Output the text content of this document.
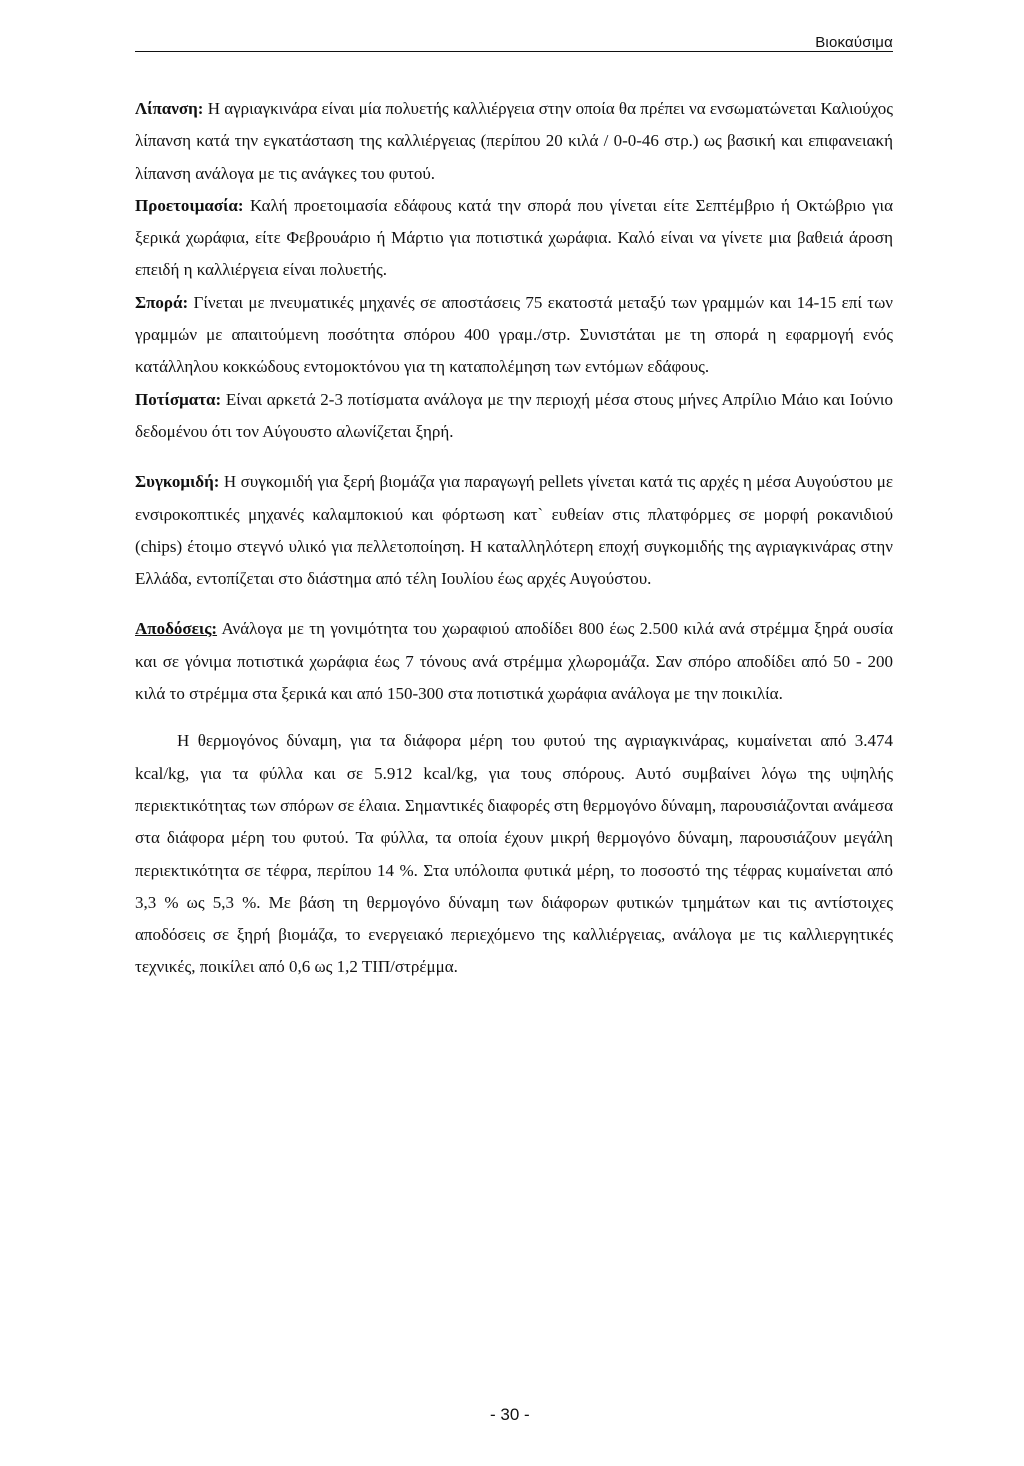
Βιοκαύσιμα

Λίπανση: Η αγριαγκινάρα είναι μία πολυετής καλλιέργεια στην οποία θα πρέπει να ενσωματώνεται Καλιούχος λίπανση κατά την εγκατάσταση της καλλιέργειας (περίπου 20 κιλά / 0-0-46 στρ.) ως βασική και επιφανειακή λίπανση ανάλογα με τις ανάγκες του φυτού.

Προετοιμασία: Καλή προετοιμασία εδάφους κατά την σπορά που γίνεται είτε Σεπτέμβριο ή Οκτώβριο για ξερικά χωράφια, είτε Φεβρουάριο ή Μάρτιο για ποτιστικά χωράφια. Καλό είναι να γίνετε μια βαθειά άροση επειδή η καλλιέργεια είναι πολυετής.

Σπορά: Γίνεται με πνευματικές μηχανές σε αποστάσεις 75 εκατοστά μεταξύ των γραμμών και 14-15 επί των γραμμών με απαιτούμενη ποσότητα σπόρου 400 γραμ./στρ. Συνιστάται με τη σπορά η εφαρμογή ενός κατάλληλου κοκκώδους εντομοκτόνου για τη καταπολέμηση των εντόμων εδάφους.

Ποτίσματα: Είναι αρκετά 2-3 ποτίσματα ανάλογα με την περιοχή μέσα στους μήνες Απρίλιο Μάιο και Ιούνιο δεδομένου ότι τον Αύγουστο αλωνίζεται ξηρή.

Συγκομιδή: Η συγκομιδή για ξερή βιομάζα για παραγωγή pellets γίνεται κατά τις αρχές η μέσα Αυγούστου με ενσιροκοπτικές μηχανές καλαμποκιού και φόρτωση κατ` ευθείαν στις πλατφόρμες σε μορφή ροκανιδιού (chips) έτοιμο στεγνό υλικό για πελλετοποίηση. Η καταλληλότερη εποχή συγκομιδής της αγριαγκινάρας στην Ελλάδα, εντοπίζεται στο διάστημα από τέλη Ιουλίου έως αρχές Αυγούστου.

Αποδόσεις: Ανάλογα με τη γονιμότητα του χωραφιού αποδίδει 800 έως 2.500 κιλά ανά στρέμμα ξηρά ουσία και σε γόνιμα ποτιστικά χωράφια έως 7 τόνους ανά στρέμμα χλωρομάζα. Σαν σπόρο αποδίδει από 50 - 200 κιλά το στρέμμα στα ξερικά και από 150-300 στα ποτιστικά χωράφια ανάλογα με την ποικιλία.

Η θερμογόνος δύναμη, για τα διάφορα μέρη του φυτού της αγριαγκινάρας, κυμαίνεται από 3.474 kcal/kg, για τα φύλλα και σε 5.912 kcal/kg, για τους σπόρους. Αυτό συμβαίνει λόγω της υψηλής περιεκτικότητας των σπόρων σε έλαια. Σημαντικές διαφορές στη θερμογόνο δύναμη, παρουσιάζονται ανάμεσα στα διάφορα μέρη του φυτού. Τα φύλλα, τα οποία έχουν μικρή θερμογόνο δύναμη, παρουσιάζουν μεγάλη περιεκτικότητα σε τέφρα, περίπου 14 %. Στα υπόλοιπα φυτικά μέρη, το ποσοστό της τέφρας κυμαίνεται από 3,3 % ως 5,3 %. Με βάση τη θερμογόνο δύναμη των διάφορων φυτικών τμημάτων και τις αντίστοιχες αποδόσεις σε ξηρή βιομάζα, το ενεργειακό περιεχόμενο της καλλιέργειας, ανάλογα με τις καλλιεργητικές τεχνικές, ποικίλει από 0,6 ως 1,2 ΤΙΠ/στρέμμα.

- 30 -
